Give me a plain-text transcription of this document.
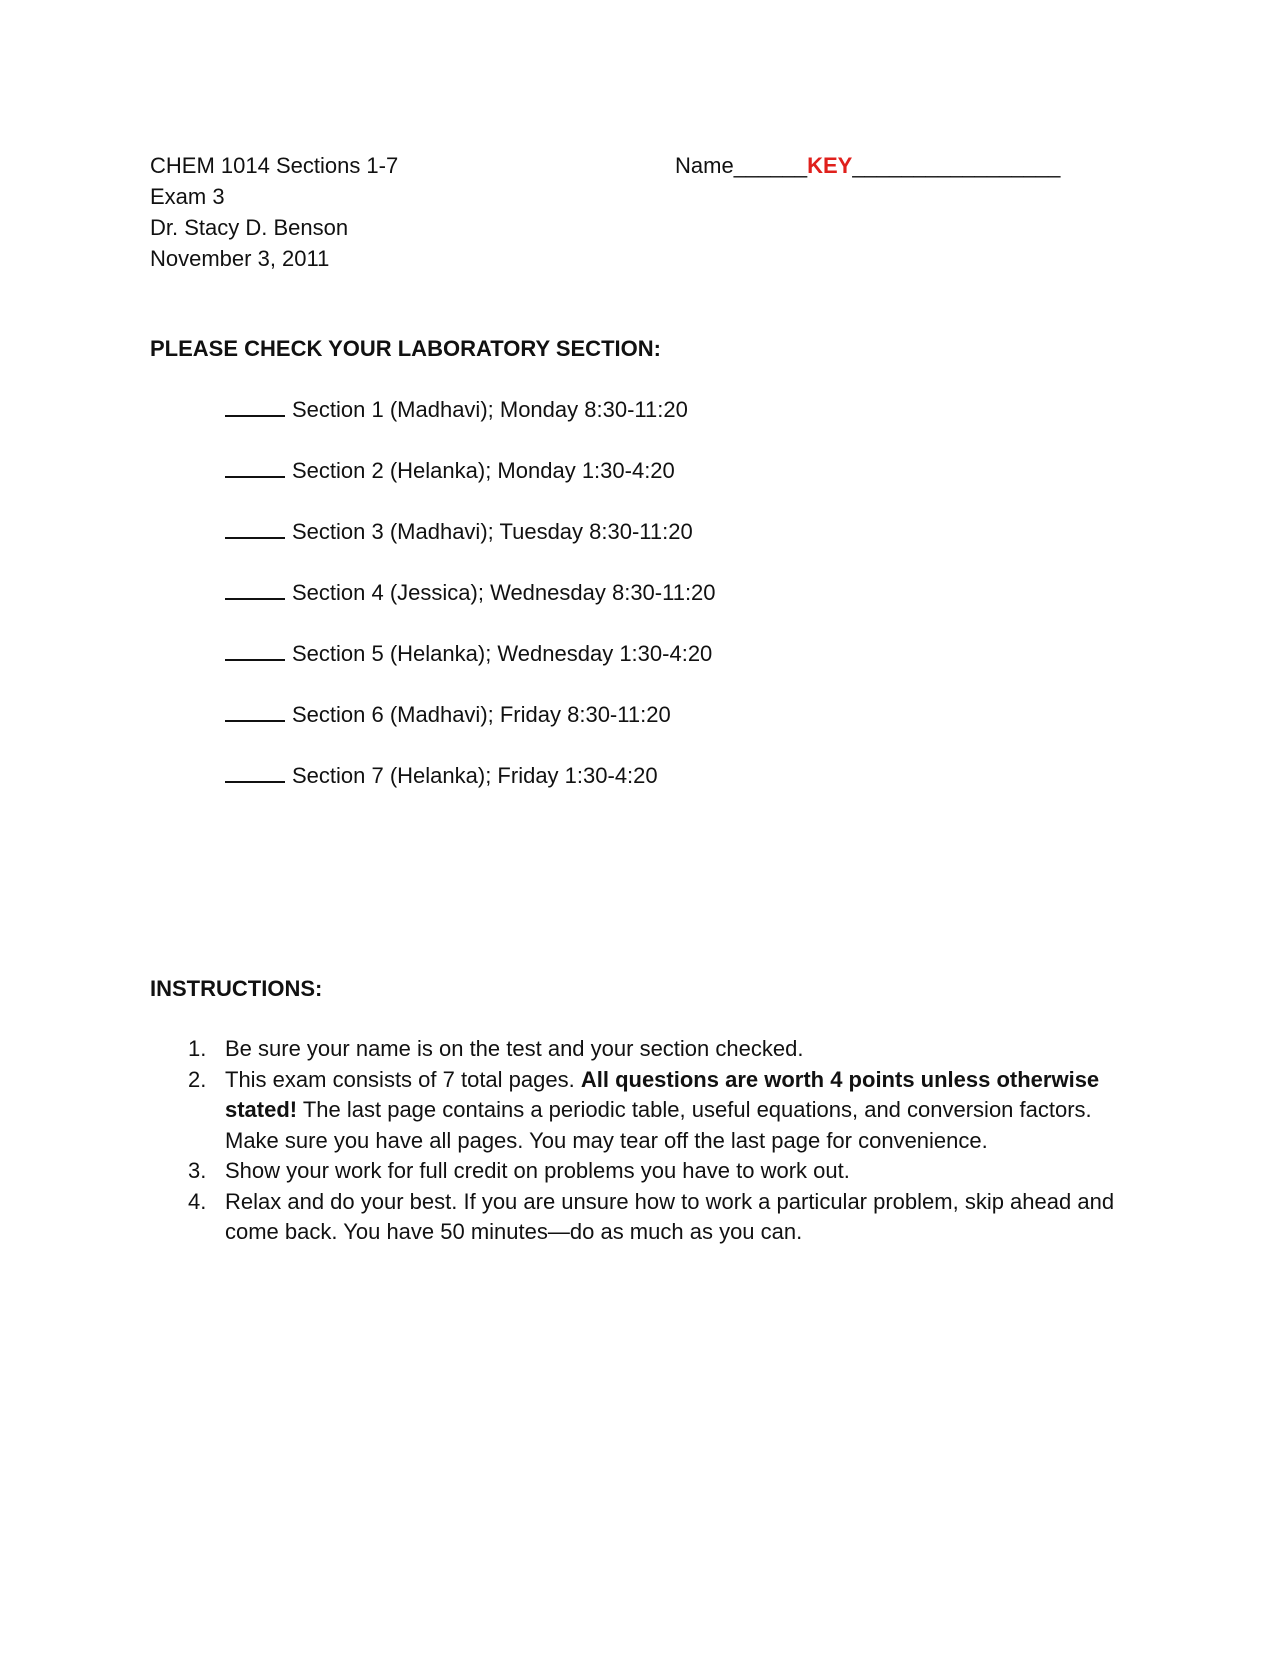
CHEM 1014 Sections 1-7
Exam 3
Dr. Stacy D. Benson
November 3, 2011
Name______KEY_________________
PLEASE CHECK YOUR LABORATORY SECTION:
Section 1 (Madhavi); Monday 8:30-11:20
Section 2 (Helanka); Monday 1:30-4:20
Section 3 (Madhavi); Tuesday 8:30-11:20
Section 4 (Jessica); Wednesday 8:30-11:20
Section 5 (Helanka); Wednesday 1:30-4:20
Section 6 (Madhavi); Friday 8:30-11:20
Section 7 (Helanka); Friday 1:30-4:20
INSTRUCTIONS:
1. Be sure your name is on the test and your section checked.
2. This exam consists of 7 total pages. All questions are worth 4 points unless otherwise stated! The last page contains a periodic table, useful equations, and conversion factors. Make sure you have all pages. You may tear off the last page for convenience.
3. Show your work for full credit on problems you have to work out.
4. Relax and do your best. If you are unsure how to work a particular problem, skip ahead and come back. You have 50 minutes—do as much as you can.
